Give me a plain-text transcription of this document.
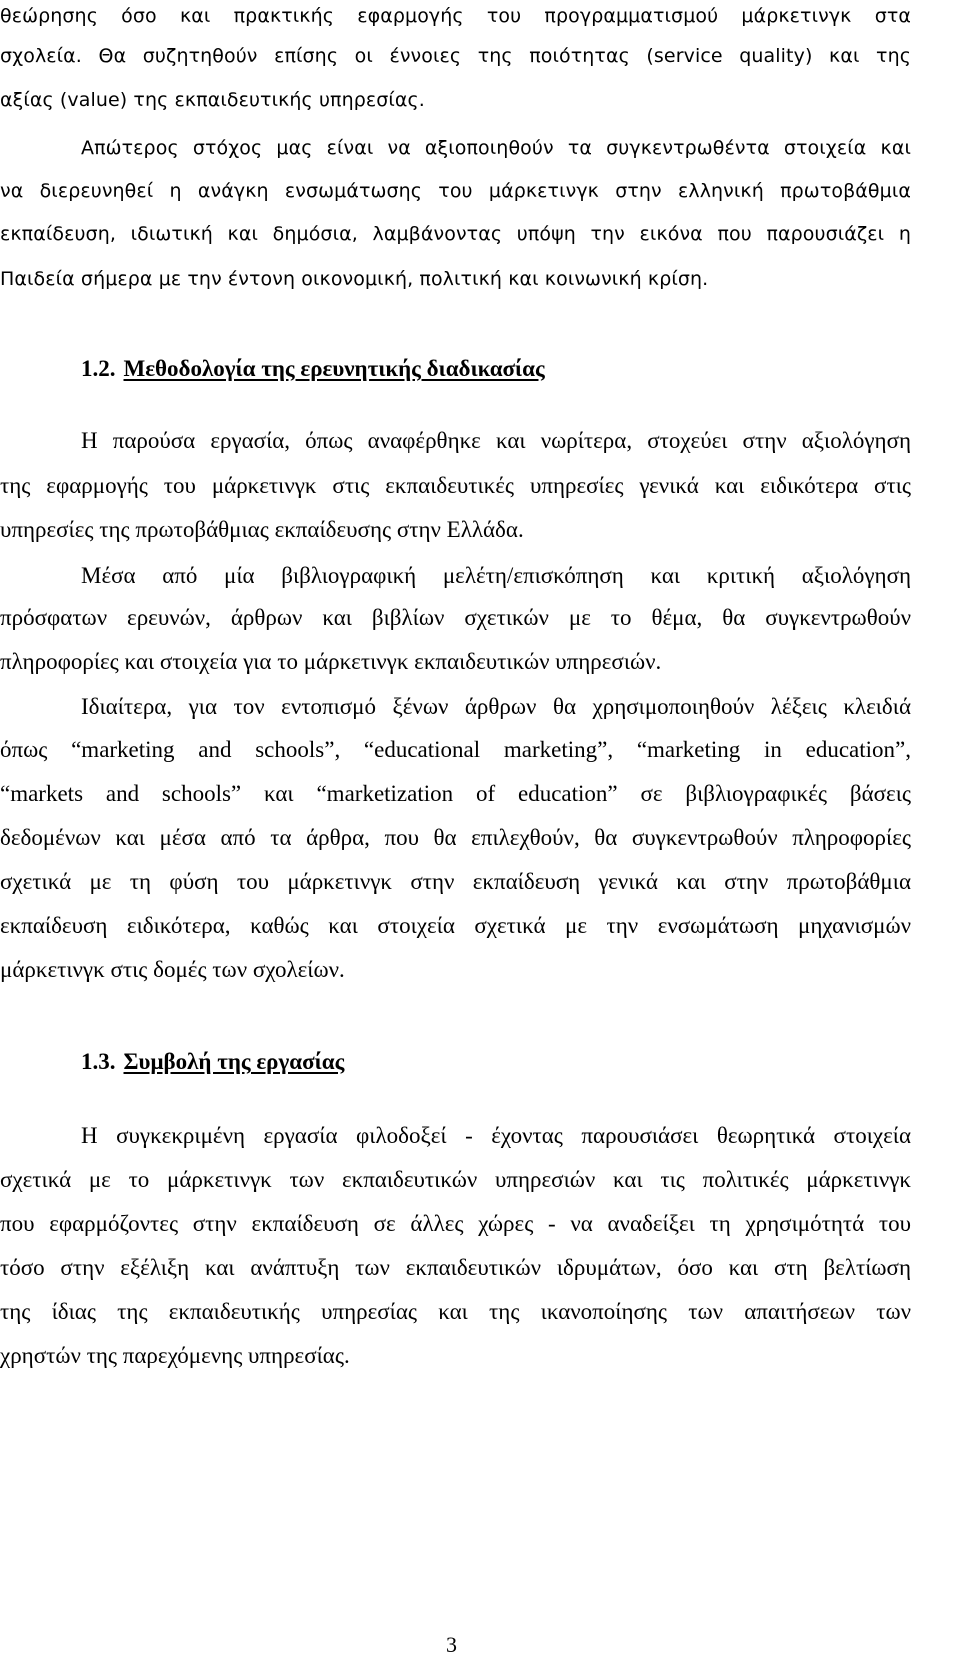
θεώρησης όσο και πρακτικής εφαρμογής του προγραμματισμού μάρκετινγκ στα
σχολεία. Θα συζητηθούν επίσης οι έννοιες της ποιότητας (service quality) και της
αξίας (value) της εκπαιδευτικής υπηρεσίας.
Απώτερος στόχος μας είναι να αξιοποιηθούν τα συγκεντρωθέντα στοιχεία και
να διερευνηθεί η ανάγκη ενσωμάτωσης του μάρκετινγκ στην ελληνική πρωτοβάθμια
εκπαίδευση, ιδιωτική και δημόσια, λαμβάνοντας υπόψη την εικόνα που παρουσιάζει η
Παιδεία σήμερα με την έντονη οικονομική, πολιτική και κοινωνική κρίση.
1.2. Μεθοδολογία της ερευνητικής διαδικασίας
Η παρούσα εργασία, όπως αναφέρθηκε και νωρίτερα, στοχεύει στην αξιολόγηση
της εφαρμογής του μάρκετινγκ στις εκπαιδευτικές υπηρεσίες γενικά και ειδικότερα στις
υπηρεσίες της πρωτοβάθμιας εκπαίδευσης στην Ελλάδα.
Μέσα από μία βιβλιογραφική μελέτη/επισκόπηση και κριτική αξιολόγηση
πρόσφατων ερευνών, άρθρων και βιβλίων σχετικών με το θέμα, θα συγκεντρωθούν
πληροφορίες και στοιχεία για το μάρκετινγκ εκπαιδευτικών υπηρεσιών.
Ιδιαίτερα, για τον εντοπισμό ξένων άρθρων θα χρησιμοποιηθούν λέξεις κλειδιά
όπως “marketing and schools”, “educational marketing”, “marketing in education”,
“markets and schools” και “marketization of education” σε βιβλιογραφικές βάσεις
δεδομένων και μέσα από τα άρθρα, που θα επιλεχθούν, θα συγκεντρωθούν πληροφορίες
σχετικά με τη φύση του μάρκετινγκ στην εκπαίδευση γενικά και στην πρωτοβάθμια
εκπαίδευση ειδικότερα, καθώς και στοιχεία σχετικά με την ενσωμάτωση μηχανισμών
μάρκετινγκ στις δομές των σχολείων.
1.3. Συμβολή της εργασίας
Η συγκεκριμένη εργασία φιλοδοξεί - έχοντας παρουσιάσει θεωρητικά στοιχεία
σχετικά με το μάρκετινγκ των εκπαιδευτικών υπηρεσιών και τις πολιτικές μάρκετινγκ
που εφαρμόζοντες στην εκπαίδευση σε άλλες χώρες - να αναδείξει τη χρησιμότητά του
τόσο στην εξέλιξη και ανάπτυξη των εκπαιδευτικών ιδρυμάτων, όσο και στη βελτίωση
της ίδιας της εκπαιδευτικής υπηρεσίας και της ικανοποίησης των απαιτήσεων των
χρηστών της παρεχόμενης υπηρεσίας.
3
